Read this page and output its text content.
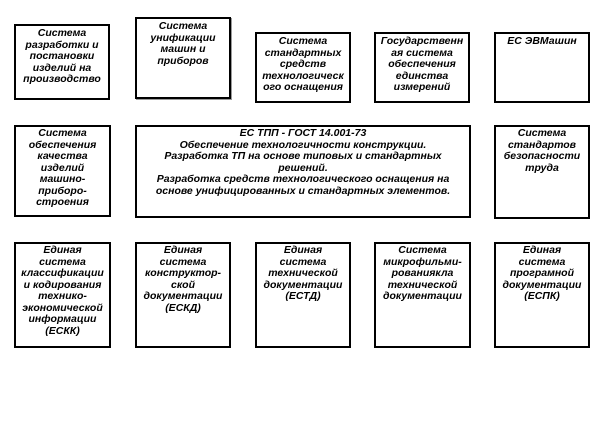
Система
разработки и
постановки
изделий на
производство
Система
унификации
машин и
приборов
Система
стандартных
средств
технологическ
ого оснащения
Государственн
ая система
обеспечения
единства
измерений
ЕС ЭВМашин
Система
обеспечения
качества
изделий
машино-
приборо-
строения
ЕС ТПП - ГОСТ 14.001-73
Обеспечение технологичности конструкции.
Разработка ТП на основе типовых и стандартных
решений.
Разработка средств технологического оснащения на
основе унифицированных и стандартных элементов.
Система
стандартов
безопасности
труда
Единая
система
классификации
и кодирования
технико-
экономической
информации
(ЕСКК)
Единая
система
конструктор-
ской
документации
(ЕСКД)
Единая
система
технической
документации
(ЕСТД)
Система
микрофильми-
рованиякла
технической
документации
Единая
система
програмной
документации
(ЕСПК)
